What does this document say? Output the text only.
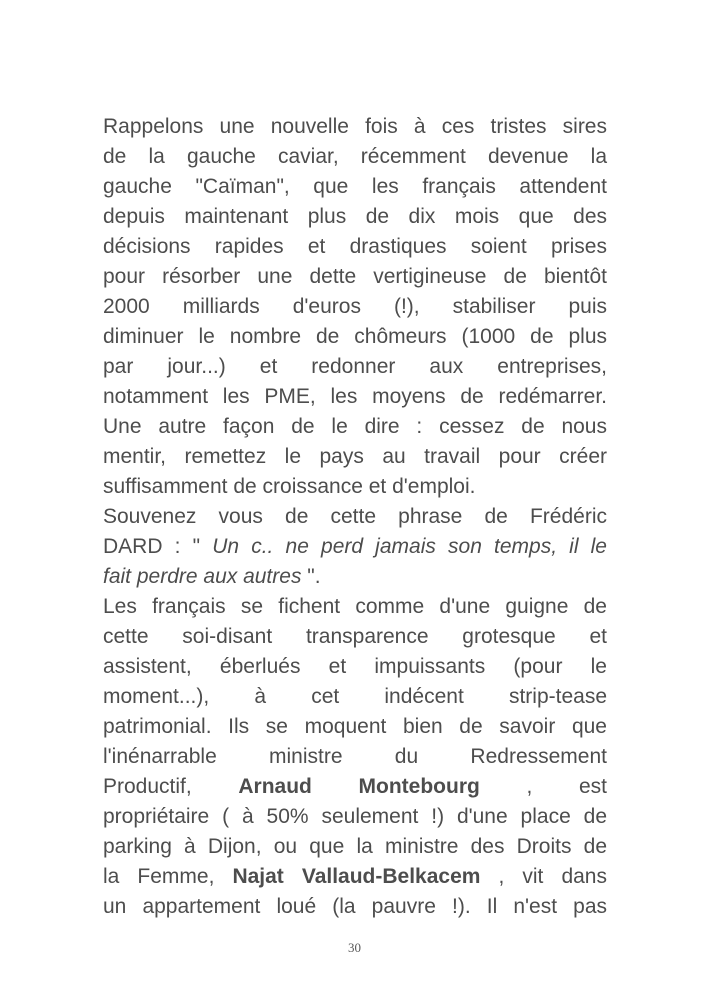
Rappelons une nouvelle fois à ces tristes sires
de la gauche caviar, récemment devenue la
gauche "Caïman", que les français attendent
depuis maintenant plus de dix mois que des
décisions rapides et drastiques soient prises
pour résorber une dette vertigineuse de bientôt
2000 milliards d'euros (!), stabiliser puis
diminuer le nombre de chômeurs (1000 de plus
par jour...) et redonner aux entreprises,
notamment les PME, les moyens de redémarrer.
Une autre façon de le dire : cessez de nous
mentir, remettez le pays au travail pour créer
suffisamment de croissance et d'emploi.
Souvenez vous de cette phrase de Frédéric
DARD : " Un c.. ne perd jamais son temps, il le
fait perdre aux autres ".
Les français se fichent comme d'une guigne de
cette soi-disant transparence grotesque et
assistent, éberlués et impuissants (pour le
moment...), à cet indécent strip-tease
patrimonial. Ils se moquent bien de savoir que
l'inénarrable ministre du Redressement
Productif, Arnaud Montebourg , est
propriétaire ( à 50% seulement !) d'une place de
parking à Dijon, ou que la ministre des Droits de
la Femme, Najat Vallaud-Belkacem , vit dans
un appartement loué (la pauvre !). Il n'est pas
30
